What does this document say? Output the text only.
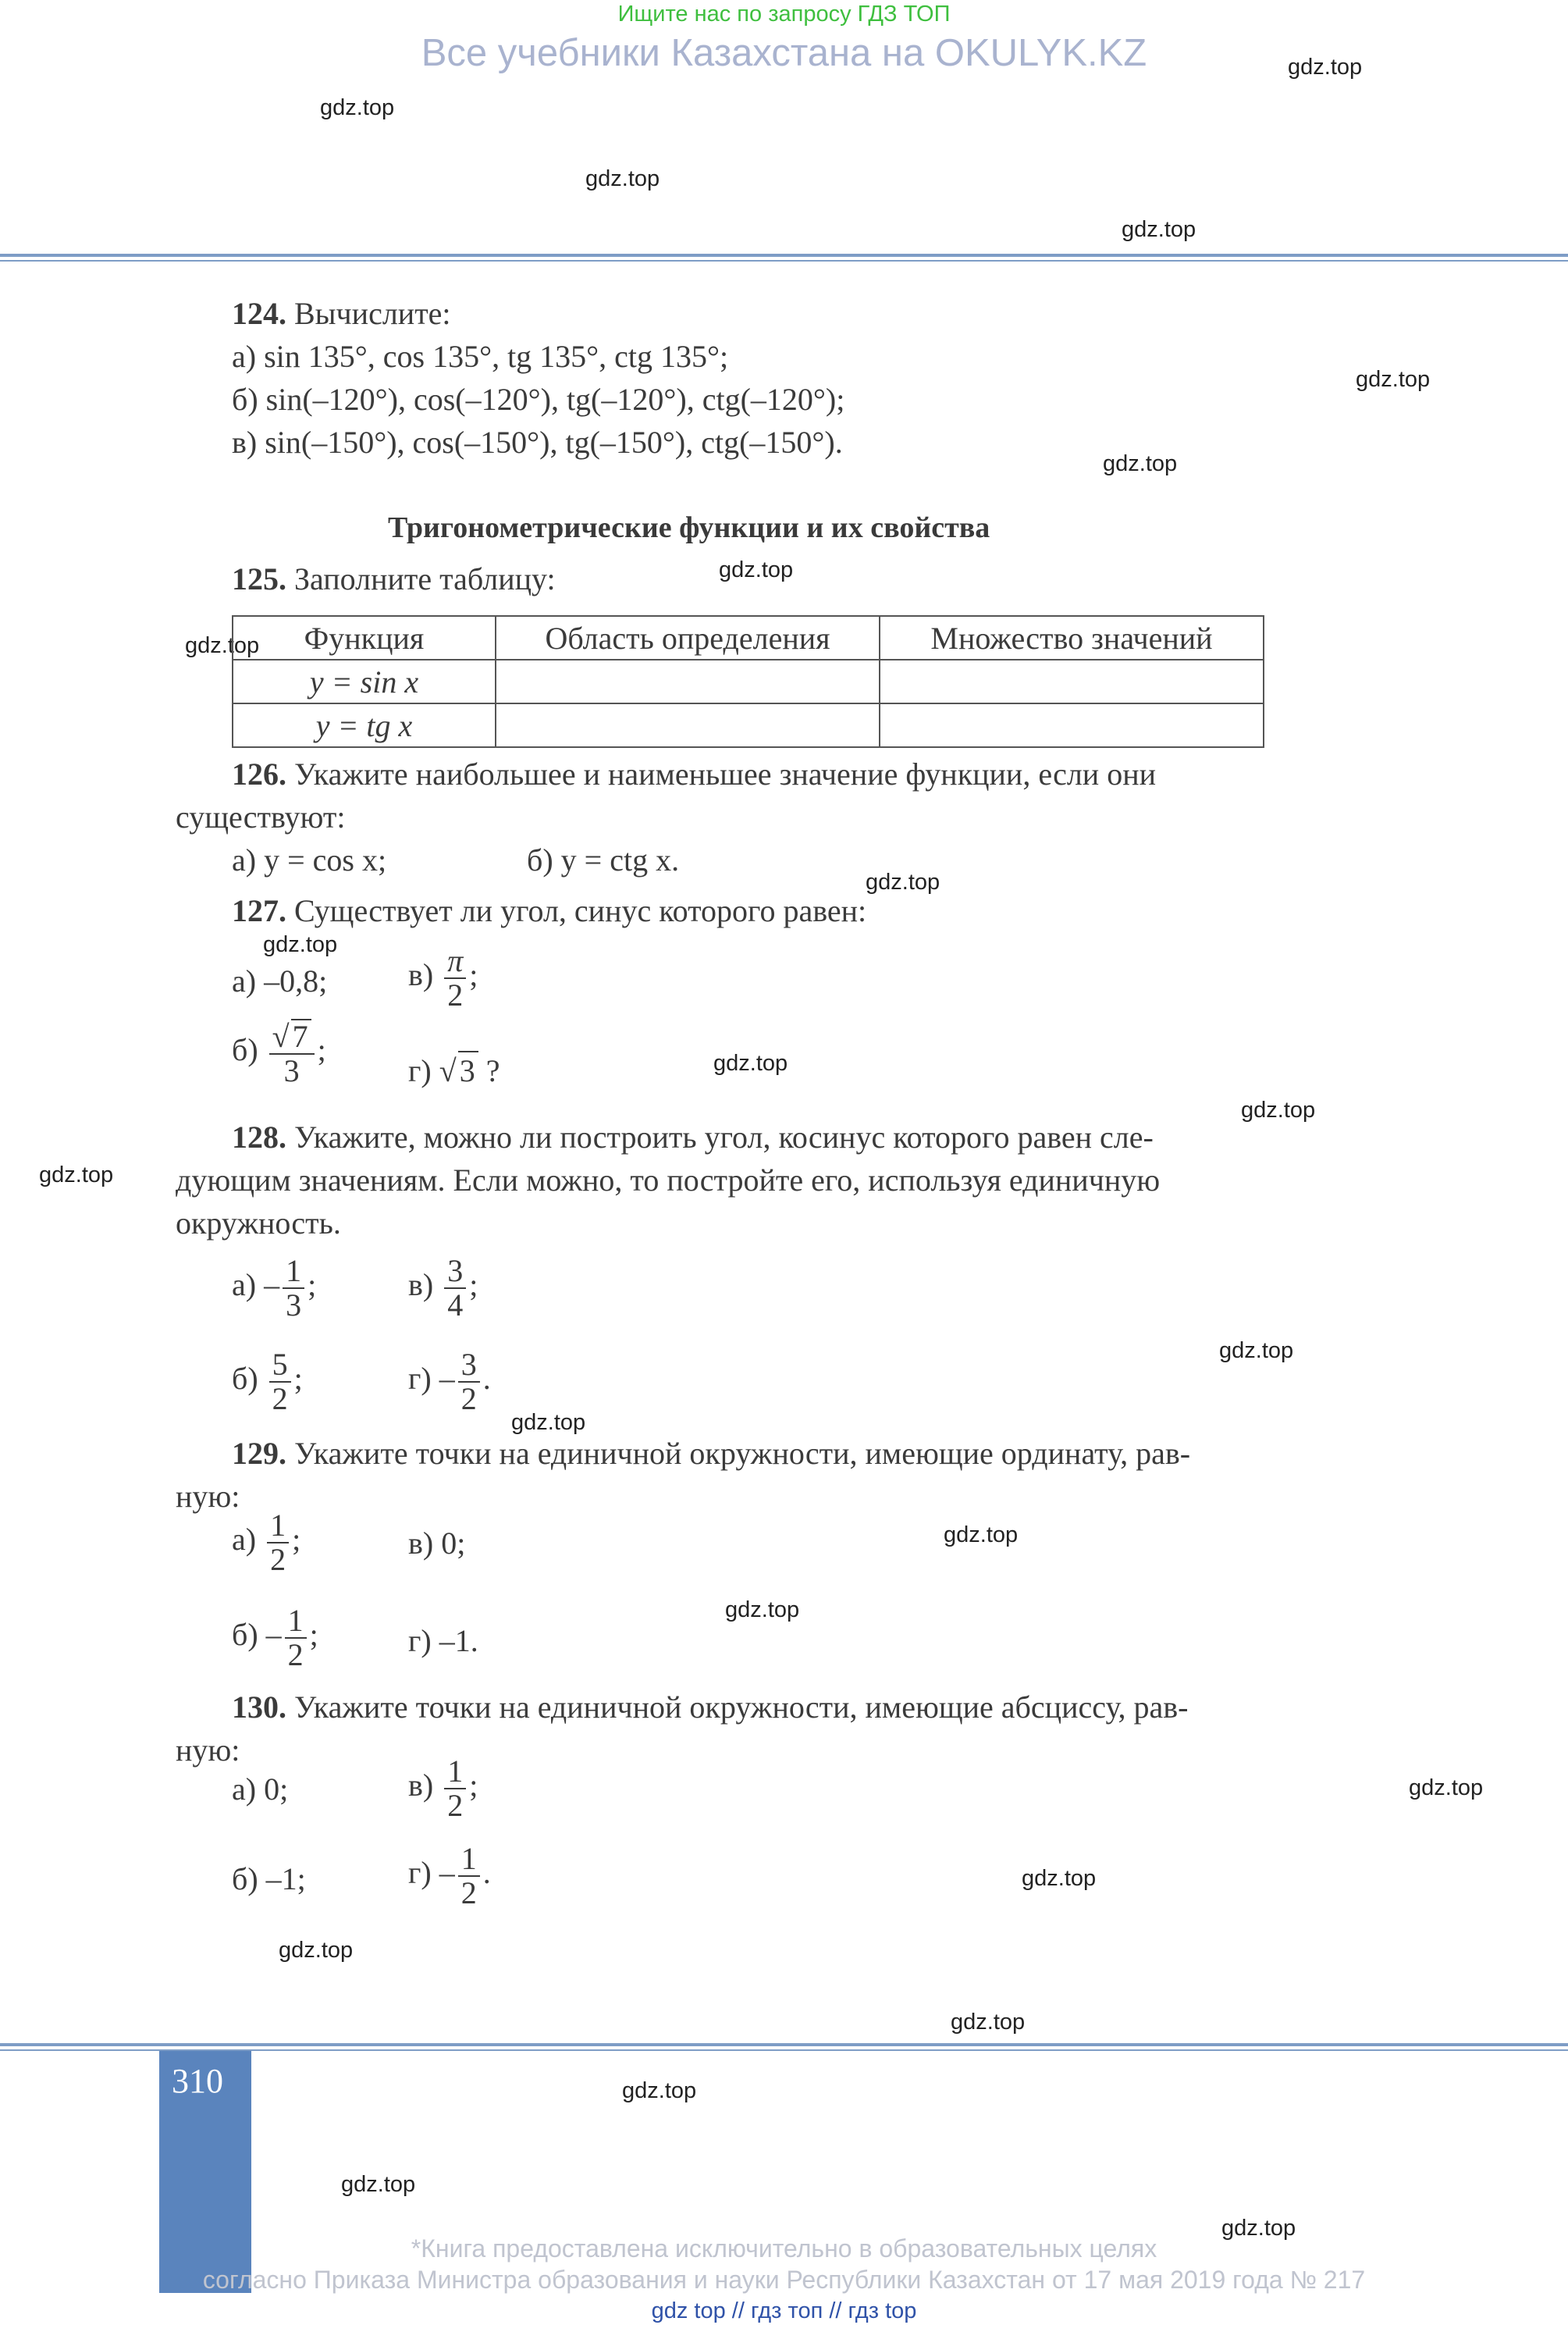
Ищите нас по запросу ГДЗ ТОП
Все учебники Казахстана на OKULYK.KZ	gdz.top
gdz.top
gdz.top
gdz.top
gdz.top
gdz.top
gdz.top
gdz.top
gdz.top
gdz.top
gdz.top
gdz.top
gdz.top
gdz.top
gdz.top
gdz.top
gdz.top
gdz.top
gdz.top
gdz.top
gdz.top
gdz.top
gdz.top
gdz.top
124. Вычислите:
а) sin 135°, cos 135°, tg 135°, ctg 135°;
б) sin(–120°), cos(–120°), tg(–120°), ctg(–120°);
в) sin(–150°), cos(–150°), tg(–150°), ctg(–150°).
Тригонометрические функции и их свойства
125. Заполните таблицу:
Функция	Область определения	Множество значений
y = sin x		
y = tg x		
126. Укажите наибольшее и наименьшее значение функции, если они
существуют:
а) y = cos x;	б) y = ctg x.
127. Существует ли угол, синус которого равен:
а) –0,8;	$в) \frac{\pi}{2}$ ;
$б) \frac{√ 7}{3}$ ;
г) √ 3 ?
128. Укажите, можно ли построить угол, косинус которого равен сле-
дующим значениям. Если можно, то постройте его, используя единичную
окружность.
$а) - \frac{1}{3}$ ;	$в) \frac{3}{4}$ ;
$б) \frac{5}{2}$ ;	$г) - \frac{3}{2}$ .
129. Укажите точки на единичной окружности, имеющие ординату, рав-
ную:
$а) \frac{1}{2}$ ;	в) 0;
$б) - \frac{1}{2}$ ;	г) –1.
130. Укажите точки на единичной окружности, имеющие абсциссу, рав-
ную:
а) 0;	$в) \frac{1}{2}$ ;
б) –1;	$г) - \frac{1}{2}$ .
310
*Книга предоставлена исключительно в образовательных целях
согласно Приказа Министра образования и науки Республики Казахстан от 17 мая 2019 года № 217
gdz top // гдз топ // гдз top
